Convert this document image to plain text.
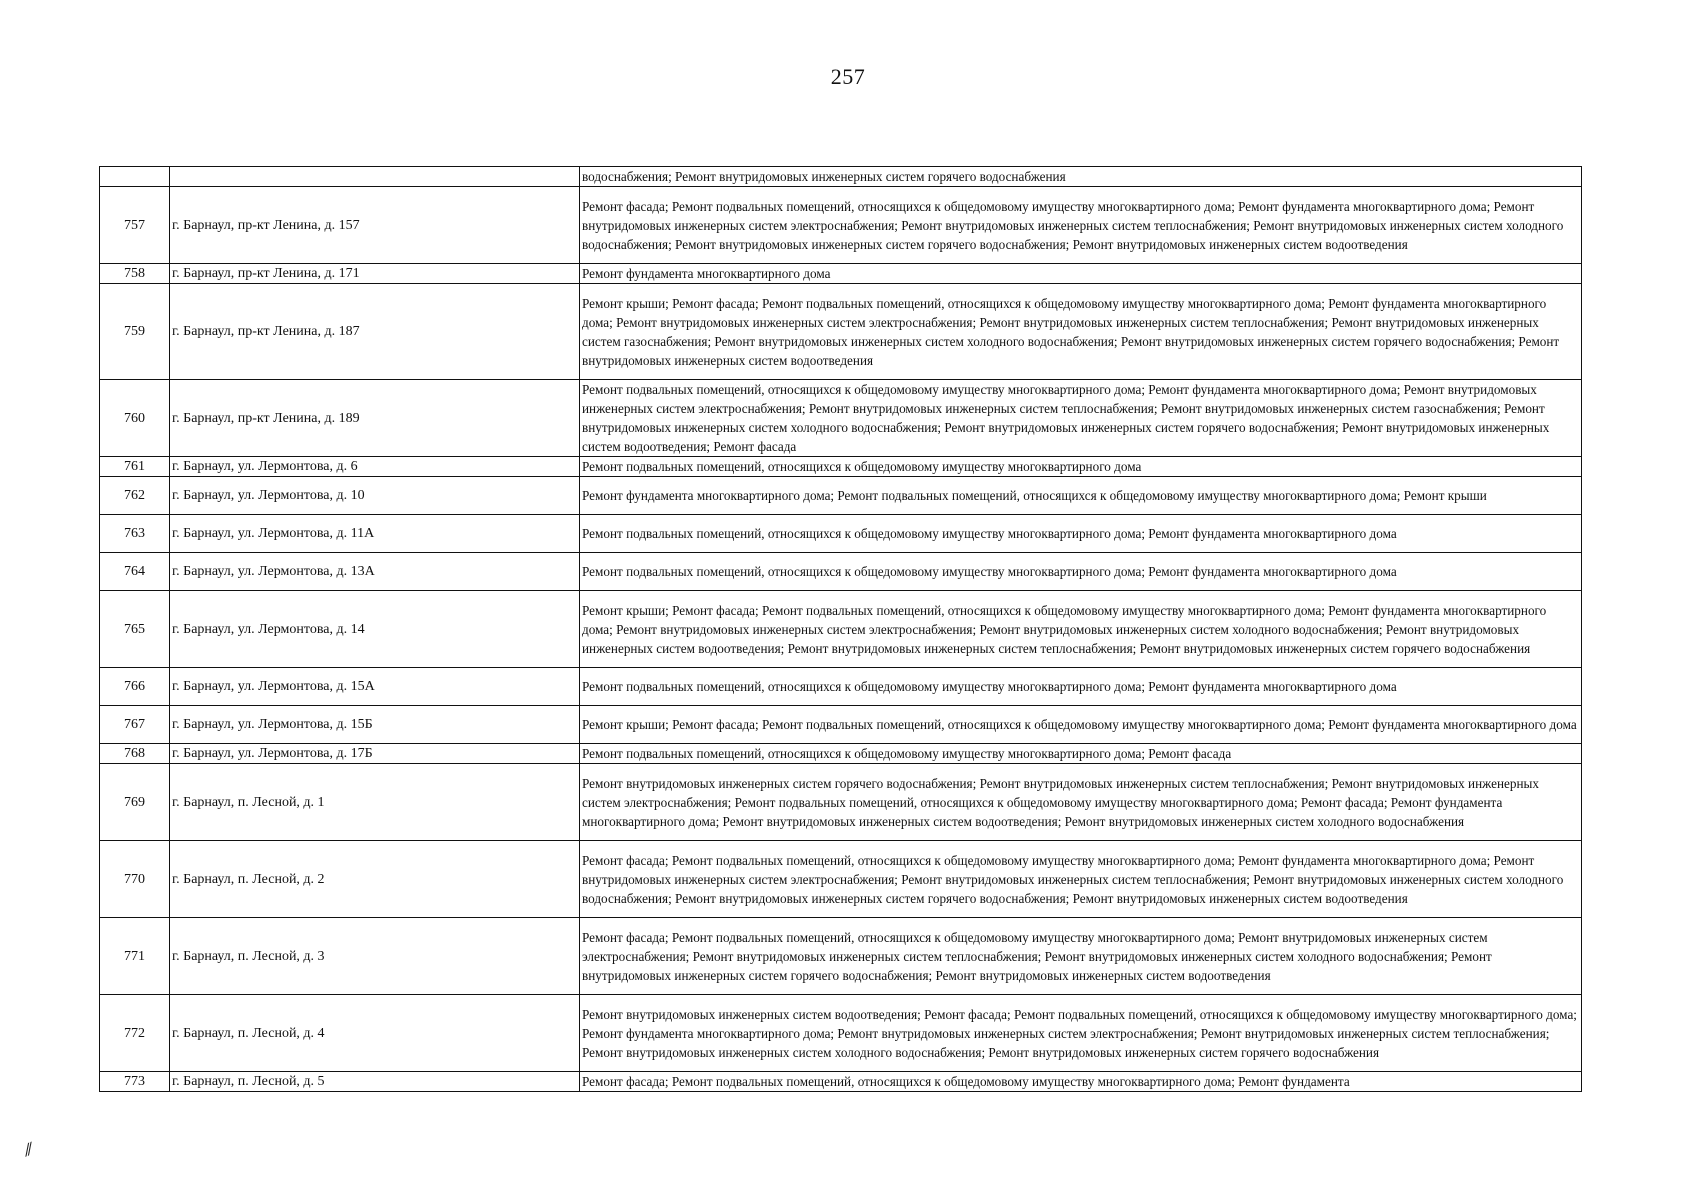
257
⁄⁄
		водоснабжения; Ремонт внутридомовых инженерных систем горячего водоснабжения
757	г. Барнаул, пр-кт Ленина, д. 157	Ремонт фасада; Ремонт подвальных помещений, относящихся к общедомовому имуществу многоквартирного дома; Ремонт фундамента многоквартирного дома; Ремонт внутридомовых инженерных систем электроснабжения; Ремонт внутридомовых инженерных систем теплоснабжения; Ремонт внутридомовых инженерных систем холодного водоснабжения; Ремонт внутридомовых инженерных систем горячего водоснабжения; Ремонт внутридомовых инженерных систем водоотведения
758	г. Барнаул, пр-кт Ленина, д. 171	Ремонт фундамента многоквартирного дома
759	г. Барнаул, пр-кт Ленина, д. 187	Ремонт крыши; Ремонт фасада; Ремонт подвальных помещений, относящихся к общедомовому имуществу многоквартирного дома; Ремонт фундамента многоквартирного дома; Ремонт внутридомовых инженерных систем электроснабжения; Ремонт внутридомовых инженерных систем теплоснабжения; Ремонт внутридомовых инженерных систем газоснабжения; Ремонт внутридомовых инженерных систем холодного водоснабжения; Ремонт внутридомовых инженерных систем горячего водоснабжения; Ремонт внутридомовых инженерных систем водоотведения
760	г. Барнаул, пр-кт Ленина, д. 189	Ремонт подвальных помещений, относящихся к общедомовому имуществу многоквартирного дома; Ремонт фундамента многоквартирного дома; Ремонт внутридомовых инженерных систем электроснабжения; Ремонт внутридомовых инженерных систем теплоснабжения; Ремонт внутридомовых инженерных систем газоснабжения; Ремонт внутридомовых инженерных систем холодного водоснабжения; Ремонт внутридомовых инженерных систем горячего водоснабжения; Ремонт внутридомовых инженерных систем водоотведения; Ремонт фасада
761	г. Барнаул, ул. Лермонтова, д. 6	Ремонт подвальных помещений, относящихся к общедомовому имуществу многоквартирного дома
762	г. Барнаул, ул. Лермонтова, д. 10	Ремонт фундамента многоквартирного дома; Ремонт подвальных помещений, относящихся к общедомовому имуществу многоквартирного дома; Ремонт крыши
763	г. Барнаул, ул. Лермонтова, д. 11А	Ремонт подвальных помещений, относящихся к общедомовому имуществу многоквартирного дома; Ремонт фундамента многоквартирного дома
764	г. Барнаул, ул. Лермонтова, д. 13А	Ремонт подвальных помещений, относящихся к общедомовому имуществу многоквартирного дома; Ремонт фундамента многоквартирного дома
765	г. Барнаул, ул. Лермонтова, д. 14	Ремонт крыши; Ремонт фасада; Ремонт подвальных помещений, относящихся к общедомовому имуществу многоквартирного дома; Ремонт фундамента многоквартирного дома; Ремонт внутридомовых инженерных систем электроснабжения; Ремонт внутридомовых инженерных систем холодного водоснабжения; Ремонт внутридомовых инженерных систем водоотведения; Ремонт внутридомовых инженерных систем теплоснабжения; Ремонт внутридомовых инженерных систем горячего водоснабжения
766	г. Барнаул, ул. Лермонтова, д. 15А	Ремонт подвальных помещений, относящихся к общедомовому имуществу многоквартирного дома; Ремонт фундамента многоквартирного дома
767	г. Барнаул, ул. Лермонтова, д. 15Б	Ремонт крыши; Ремонт фасада; Ремонт подвальных помещений, относящихся к общедомовому имуществу многоквартирного дома; Ремонт фундамента многоквартирного дома
768	г. Барнаул, ул. Лермонтова, д. 17Б	Ремонт подвальных помещений, относящихся к общедомовому имуществу многоквартирного дома; Ремонт фасада
769	г. Барнаул, п. Лесной, д. 1	Ремонт внутридомовых инженерных систем горячего водоснабжения; Ремонт внутридомовых инженерных систем теплоснабжения; Ремонт внутридомовых инженерных систем электроснабжения; Ремонт подвальных помещений, относящихся к общедомовому имуществу многоквартирного дома; Ремонт фасада; Ремонт фундамента многоквартирного дома; Ремонт внутридомовых инженерных систем водоотведения; Ремонт внутридомовых инженерных систем холодного водоснабжения
770	г. Барнаул, п. Лесной, д. 2	Ремонт фасада; Ремонт подвальных помещений, относящихся к общедомовому имуществу многоквартирного дома; Ремонт фундамента многоквартирного дома; Ремонт внутридомовых инженерных систем электроснабжения; Ремонт внутридомовых инженерных систем теплоснабжения; Ремонт внутридомовых инженерных систем холодного водоснабжения; Ремонт внутридомовых инженерных систем горячего водоснабжения; Ремонт внутридомовых инженерных систем водоотведения
771	г. Барнаул, п. Лесной, д. 3	Ремонт фасада; Ремонт подвальных помещений, относящихся к общедомовому имуществу многоквартирного дома; Ремонт внутридомовых инженерных систем электроснабжения; Ремонт внутридомовых инженерных систем теплоснабжения; Ремонт внутридомовых инженерных систем холодного водоснабжения; Ремонт внутридомовых инженерных систем горячего водоснабжения; Ремонт внутридомовых инженерных систем водоотведения
772	г. Барнаул, п. Лесной, д. 4	Ремонт внутридомовых инженерных систем водоотведения; Ремонт фасада; Ремонт подвальных помещений, относящихся к общедомовому имуществу многоквартирного дома; Ремонт фундамента многоквартирного дома; Ремонт внутридомовых инженерных систем электроснабжения; Ремонт внутридомовых инженерных систем теплоснабжения; Ремонт внутридомовых инженерных систем холодного водоснабжения; Ремонт внутридомовых инженерных систем горячего водоснабжения
773	г. Барнаул, п. Лесной, д. 5	Ремонт фасада; Ремонт подвальных помещений, относящихся к общедомовому имуществу многоквартирного дома; Ремонт фундамента
